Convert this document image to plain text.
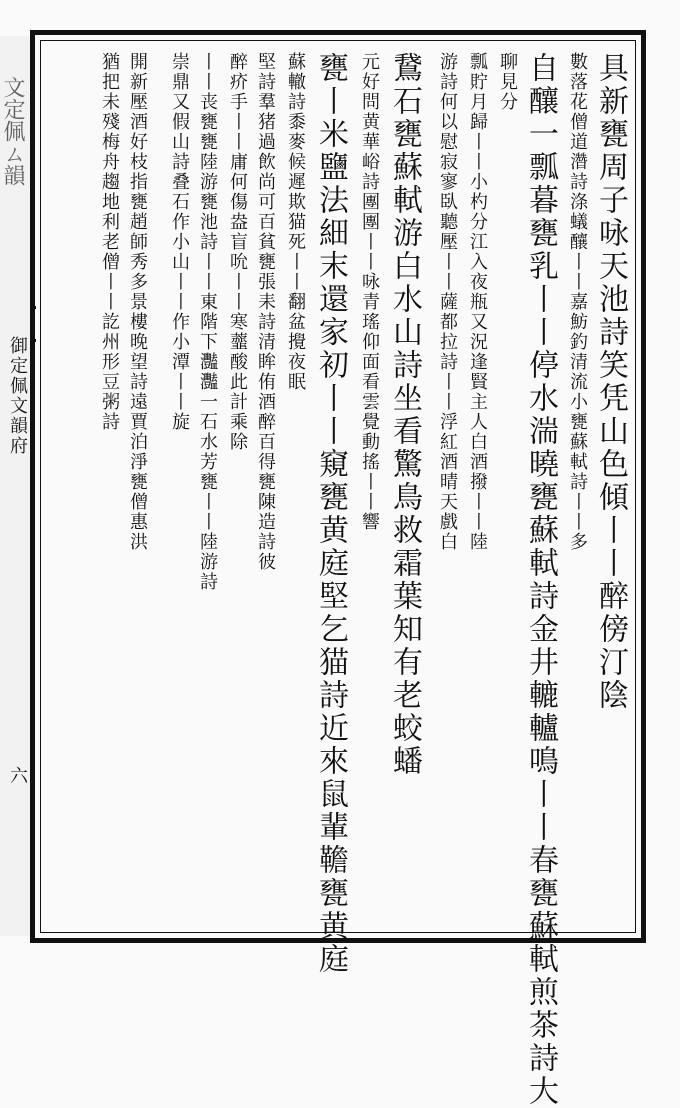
文定佩ㄙ韻
御定佩文韻府
六
具新甕周子咏天池詩笑凭山色傾丨丨醉傍汀陰
數落花僧道濳詩涤蟻釀丨丨嘉魴釣清流小甕蘇軾詩丨丨多
自釀一瓢暮甕乳丨丨停水湍曉甕蘇軾詩金井轆轤鳴丨丨春甕蘇軾煎茶詩大
聊見分
瓢貯月歸丨丨小杓分江入夜瓶又況逢賢主人白酒撥丨丨陸
游詩何以慰寂寥臥聽壓丨丨薩都拉詩丨丨浮紅酒晴天戲白
鵞石甕蘇軾游白水山詩坐看驚鳥救霜葉知有老蛟蟠
元好問黄華峪詩團團丨丨咏青瑤仰面看雲覺動搖丨丨響
甕丨米鹽法細末還家初丨丨窺甕黄庭堅乞猫詩近來鼠輩韂甕黄庭
蘇轍詩黍麥候遲欺猫死丨丨翻盆攪夜眠
堅詩羣猪過飲尚可百貧甕張耒詩清眸侑酒醉百得甕陳造詩彼
醉疥手丨丨庸何傷盎盲吮丨丨寒虀酸此計乘除
丨丨丧甕甕陸游甕池詩丨丨東階下灩灩一石水芳甕丨丨陸游詩
崇鼎又假山詩叠石作小山丨丨作小潭丨丨旋
開新壓酒好枝指甕趙師秀多景樓晚望詩遠賈泊淨甕僧惠洪
猶把未殘梅舟趨地利老僧丨丨訖州形豆粥詩
